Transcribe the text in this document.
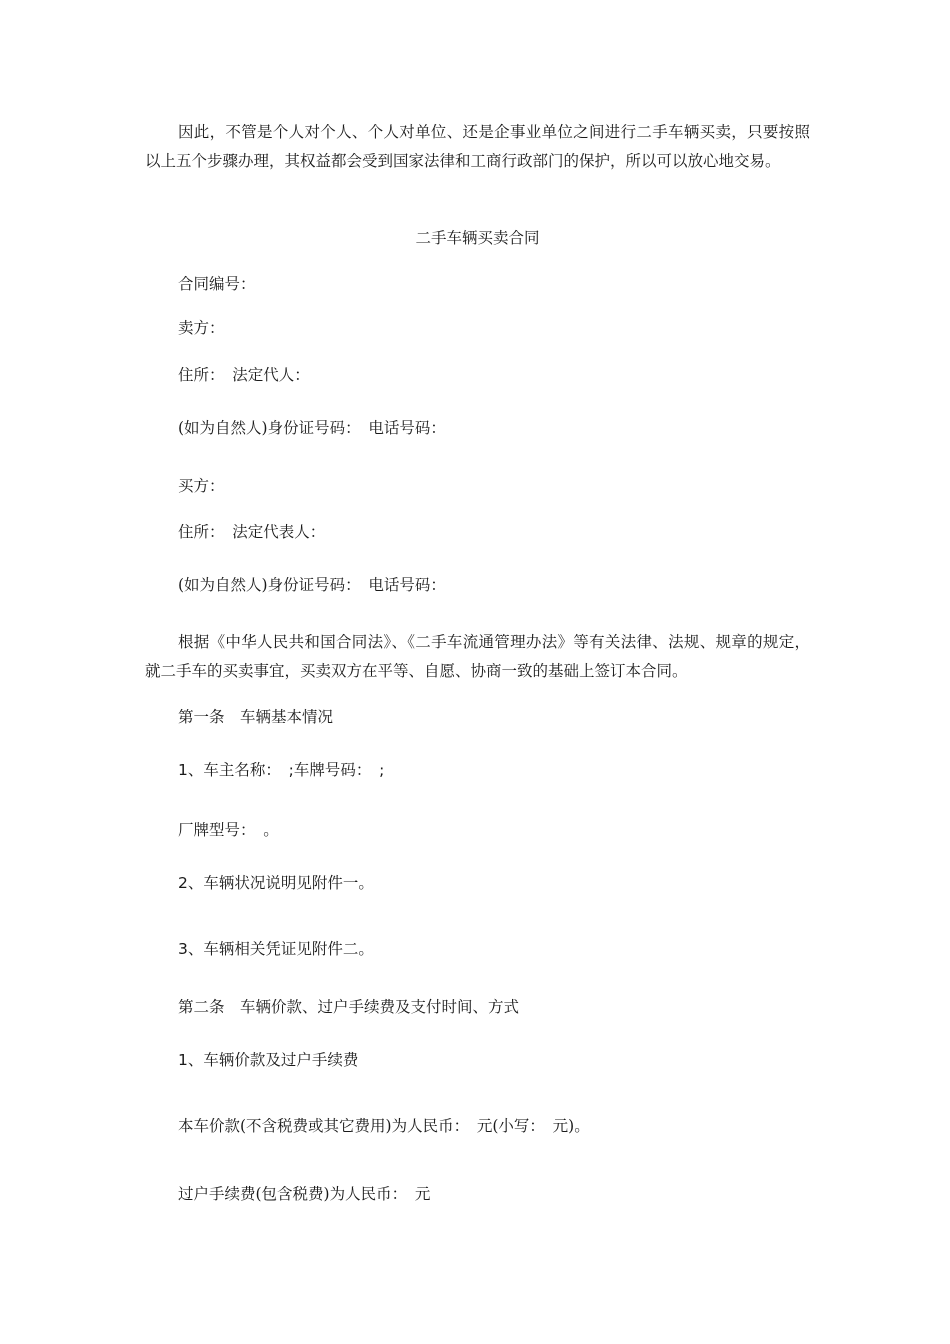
因此，不管是个人对个人、个人对单位、还是企事业单位之间进行二手车辆买卖，只要按照以上五个步骤办理，其权益都会受到国家法律和工商行政部门的保护，所以可以放心地交易。
二手车辆买卖合同
合同编号：
卖方：
住所：　法定代人：
(如为自然人)身份证号码：　电话号码：
买方：
住所：　法定代表人：
(如为自然人)身份证号码：　电话号码：
根据《中华人民共和国合同法》、《二手车流通管理办法》等有关法律、法规、规章的规定，就二手车的买卖事宜，买卖双方在平等、自愿、协商一致的基础上签订本合同。
第一条　车辆基本情况
1、车主名称：　;车牌号码：　;
厂牌型号：　。
2、车辆状况说明见附件一。
3、车辆相关凭证见附件二。
第二条　车辆价款、过户手续费及支付时间、方式
1、车辆价款及过户手续费
本车价款(不含税费或其它费用)为人民币：　元(小写：　元)。
过户手续费(包含税费)为人民币：　元
